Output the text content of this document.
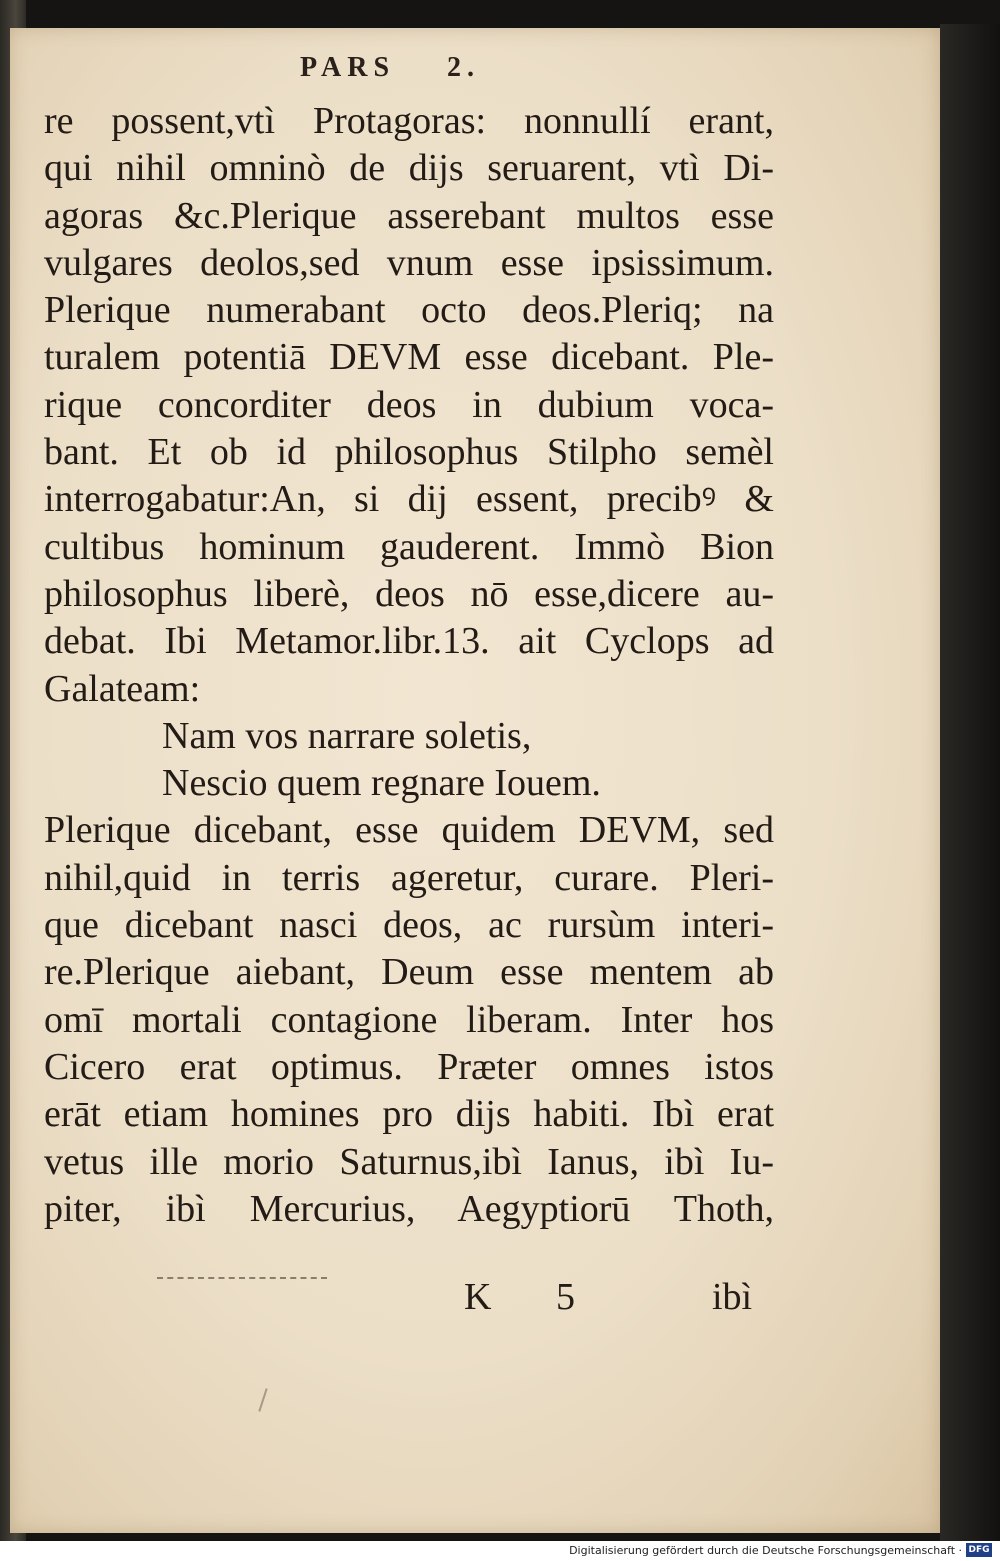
PARS    2.
re possent,vtì Protagoras: nonnullí erant,
qui nihil omninò de dijs seruarent, vtì Di-
agoras &c.Plerique asserebant multos esse
vulgares deolos,sed vnum esse ipsissimum.
Plerique numerabant octo deos.Pleriq; na
turalem potentiā DEVM esse dicebant. Ple-
rique concorditer deos in dubium voca-
bant. Et ob id philosophus Stilpho semèl
interrogabatur:An, si dij essent, precibꝰ &
cultibus hominum gauderent. Immò Bion
philosophus liberè, deos nō esse,dicere au-
debat. Ibi Metamor.libr.13. ait Cyclops ad
Galateam:
Nam vos narrare soletis,
Nescio quem regnare Iouem.
Plerique dicebant, esse quidem DEVM, sed
nihil,quid in terris ageretur, curare. Pleri-
que dicebant nasci deos, ac rursùm interi-
re.Plerique aiebant, Deum esse mentem ab
omī mortali contagione liberam. Inter hos
Cicero erat optimus. Præter omnes istos
erāt etiam homines pro dijs habiti. Ibì erat
vetus ille morio Saturnus,ibì Ianus, ibì Iu-
piter, ibì Mercurius, Aegyptiorū Thoth,
K 5	ibì
Digitalisierung gefördert durch die Deutsche Forschungsgemeinschaft · DFG
